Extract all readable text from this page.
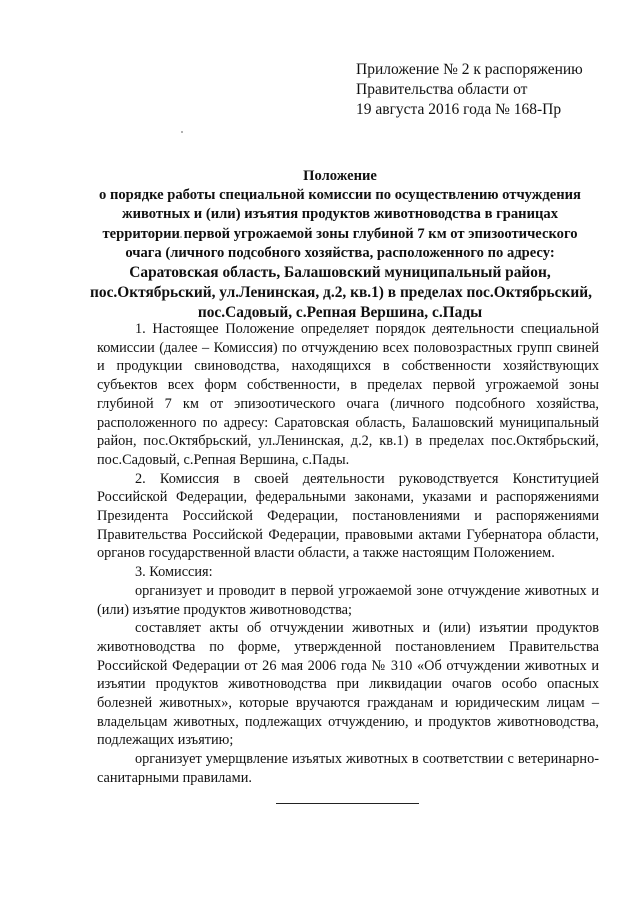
Приложение № 2 к распоряжению
Правительства области от
19 августа 2016 года № 168-Пр
Положение
о порядке работы специальной комиссии по осуществлению отчуждения
животных и (или) изъятия продуктов животноводства в границах
территории первой угрожаемой зоны глубиной 7 км от эпизоотического
очага (личного подсобного хозяйства, расположенного по адресу:
Саратовская область, Балашовский муниципальный район,
пос.Октябрьский, ул.Ленинская, д.2, кв.1) в пределах пос.Октябрьский,
пос.Садовый, с.Репная Вершина, с.Пады

1. Настоящее Положение определяет порядок деятельности специальной комиссии (далее – Комиссия) по отчуждению всех половозрастных групп свиней и продукции свиноводства, находящихся в собственности хозяйствующих субъектов всех форм собственности, в пределах первой угрожаемой зоны глубиной 7 км от эпизоотического очага (личного подсобного хозяйства, расположенного по адресу: Саратовская область, Балашовский муниципальный район, пос.Октябрьский, ул.Ленинская, д.2, кв.1) в пределах пос.Октябрьский, пос.Садовый, с.Репная Вершина, с.Пады.

2. Комиссия в своей деятельности руководствуется Конституцией Российской Федерации, федеральными законами, указами и распоряжениями Президента Российской Федерации, постановлениями и распоряжениями Правительства Российской Федерации, правовыми актами Губернатора области, органов государственной власти области, а также настоящим Положением.

3. Комиссия:

организует и проводит в первой угрожаемой зоне отчуждение животных и (или) изъятие продуктов животноводства;

составляет акты об отчуждении животных и (или) изъятии продуктов животноводства по форме, утвержденной постановлением Правительства Российской Федерации от 26 мая 2006 года № 310 «Об отчуждении животных и изъятии продуктов животноводства при ликвидации очагов особо опасных болезней животных», которые вручаются гражданам и юридическим лицам – владельцам животных, подлежащих отчуждению, и продуктов животноводства, подлежащих изъятию;

организует умерщвление изъятых животных в соответствии с ветеринарно-санитарными правилами.
